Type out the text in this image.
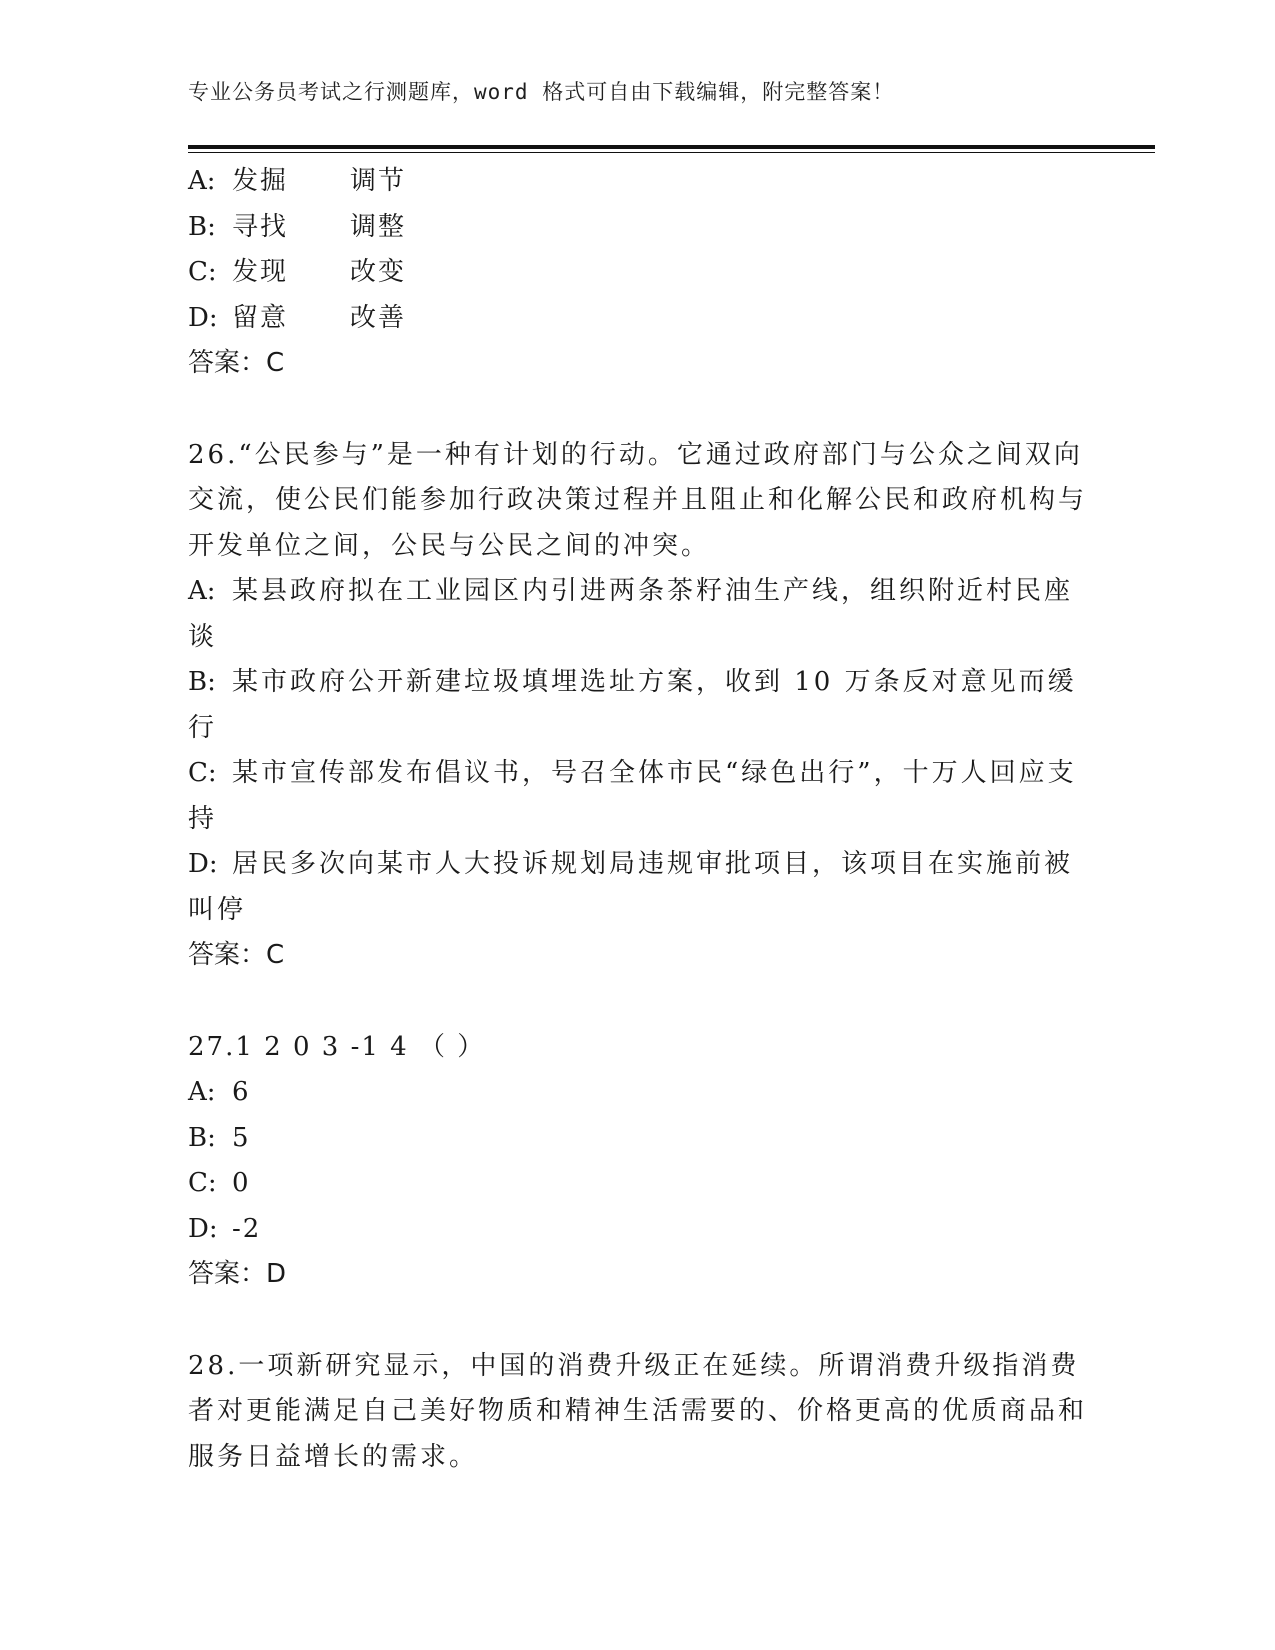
专业公务员考试之行测题库，word 格式可自由下载编辑，附完整答案！
A: 发掘 调节
B: 寻找 调整
C: 发现 改变
D: 留意 改善
答案：C
26.“公民参与”是一种有计划的行动。它通过政府部门与公众之间双向交流，使公民们能参加行政决策过程并且阻止和化解公民和政府机构与开发单位之间，公民与公民之间的冲突。
A: 某县政府拟在工业园区内引进两条茶籽油生产线，组织附近村民座谈
B: 某市政府公开新建垃圾填埋选址方案，收到 10 万条反对意见而缓行
C: 某市宣传部发布倡议书，号召全体市民“绿色出行”，十万人回应支持
D: 居民多次向某市人大投诉规划局违规审批项目，该项目在实施前被叫停
答案：C
27.1 2 0 3 -1 4 （ ）
A: 6
B: 5
C: 0
D: -2
答案：D
28.一项新研究显示，中国的消费升级正在延续。所谓消费升级指消费者对更能满足自己美好物质和精神生活需要的、价格更高的优质商品和服务日益增长的需求。
